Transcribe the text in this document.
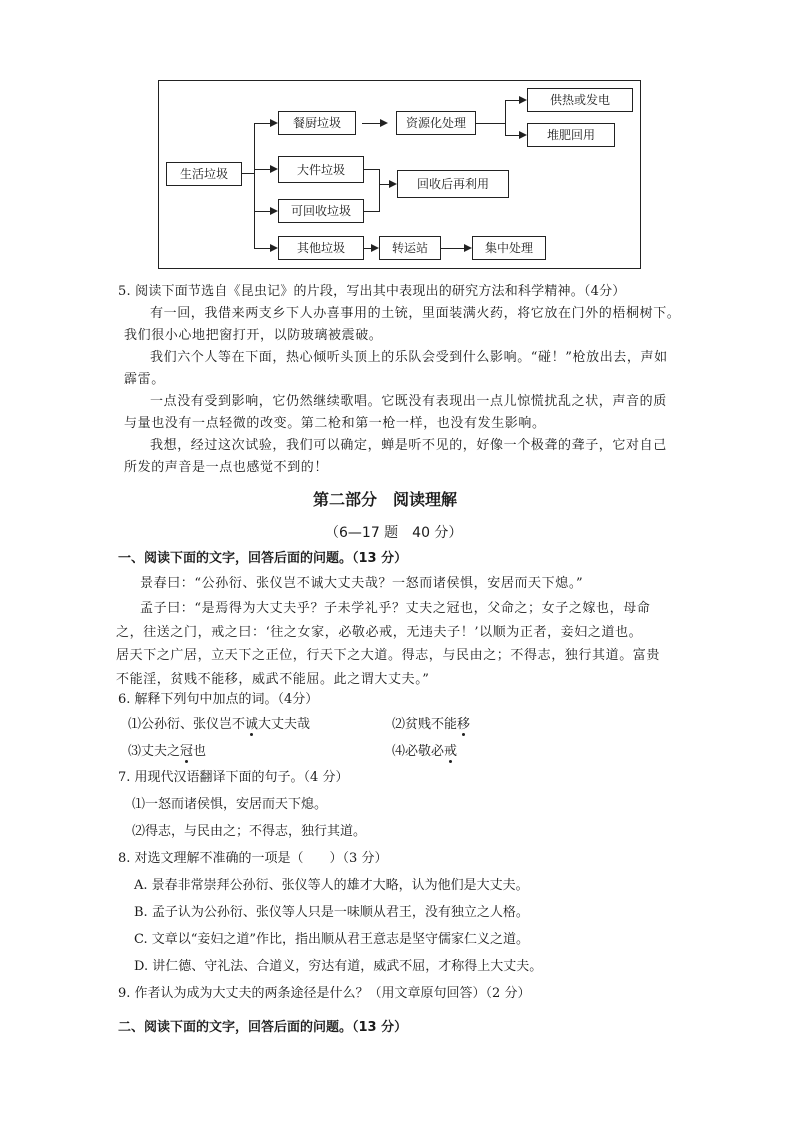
生活垃圾
餐厨垃圾	资源化处理
供热或发电
堆肥回用
大件垃圾
可回收垃圾
回收后再利用
其他垃圾	转运站	集中处理
5. 阅读下面节选自《昆虫记》的片段，写出其中表现出的研究方法和科学精神。（4分）
有一回，我借来两支乡下人办喜事用的土铳，里面装满火药，将它放在门外的梧桐树下。
我们很小心地把窗打开，以防玻璃被震破。
我们六个人等在下面，热心倾听头顶上的乐队会受到什么影响。“碰！”枪放出去，声如
霹雷。
一点没有受到影响，它仍然继续歌唱。它既没有表现出一点儿惊慌扰乱之状，声音的质
与量也没有一点轻微的改变。第二枪和第一枪一样，也没有发生影响。
我想，经过这次试验，我们可以确定，蝉是听不见的，好像一个极聋的聋子，它对自己
所发的声音是一点也感觉不到的！
第二部分　阅读理解
（6—17 题　40 分）
一、阅读下面的文字，回答后面的问题。（13 分）
景春曰：“公孙衍、张仪岂不诚大丈夫哉？一怒而诸侯惧，安居而天下熄。”
孟子曰：“是焉得为大丈夫乎？子未学礼乎？丈夫之冠也，父命之；女子之嫁也，母命
之，往送之门，戒之曰：‘往之女家，必敬必戒，无违夫子！’以顺为正者，妾妇之道也。
居天下之广居，立天下之正位，行天下之大道。得志，与民由之；不得志，独行其道。富贵
不能淫，贫贱不能移，威武不能屈。此之谓大丈夫。”
6. 解释下列句中加点的词。（4分）
⑴公孙衍、张仪岂不诚大丈夫哉	⑵贫贱不能移
⑶丈夫之冠也	⑷必敬必戒
7. 用现代汉语翻译下面的句子。（4 分）
⑴一怒而诸侯惧，安居而天下熄。
⑵得志，与民由之；不得志，独行其道。
8. 对选文理解不准确的一项是（　　）（3 分）
A. 景春非常崇拜公孙衍、张仪等人的雄才大略，认为他们是大丈夫。
B. 孟子认为公孙衍、张仪等人只是一味顺从君王，没有独立之人格。
C. 文章以“妾妇之道”作比，指出顺从君王意志是坚守儒家仁义之道。
D. 讲仁德、守礼法、合道义，穷达有道，威武不屈，才称得上大丈夫。
9. 作者认为成为大丈夫的两条途径是什么？（用文章原句回答）（2 分）
二、阅读下面的文字，回答后面的问题。（13 分）
